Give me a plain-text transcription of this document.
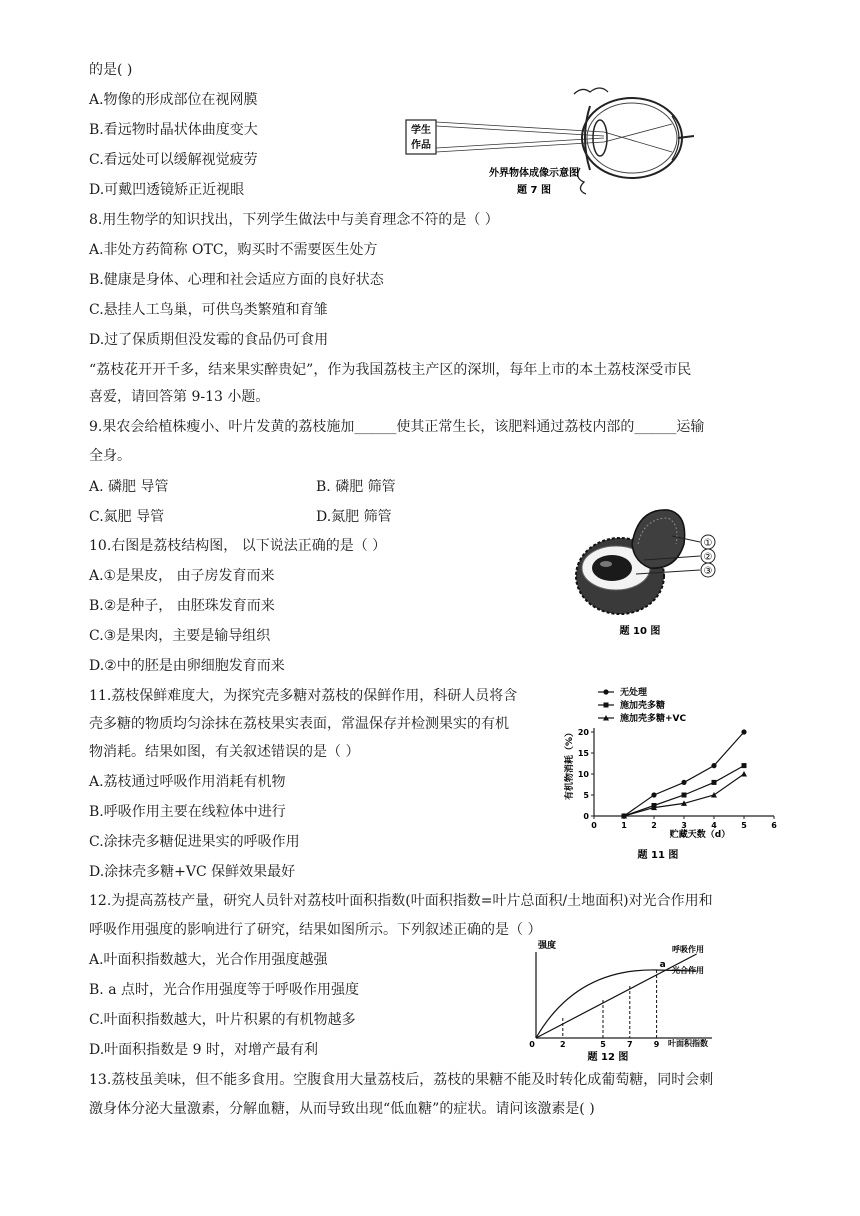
的是( )
A.物像的形成部位在视网膜
B.看远物时晶状体曲度变大
C.看远处可以缓解视觉疲劳
D.可戴凹透镜矫正近视眼
8.用生物学的知识找出，下列学生做法中与美育理念不符的是（ ）
A.非处方药简称 OTC，购买时不需要医生处方
B.健康是身体、心理和社会适应方面的良好状态
C.悬挂人工鸟巢，可供鸟类繁殖和育雏
D.过了保质期但没发霉的食品仍可食用
“荔枝花开开千多，结来果实醉贵妃”，作为我国荔枝主产区的深圳，每年上市的本土荔枝深受市民
喜爱，请回答第 9-13 小题。
9.果农会给植株瘦小、叶片发黄的荔枝施加______使其正常生长，该肥料通过荔枝内部的______运输
全身。
A. 磷肥 导管	B. 磷肥 筛管
C.氮肥 导管	D.氮肥 筛管
10.右图是荔枝结构图， 以下说法正确的是（ ）
A.①是果皮， 由子房发育而来
B.②是种子， 由胚珠发育而来
C.③是果肉，主要是输导组织
D.②中的胚是由卵细胞发育而来
11.荔枝保鲜难度大，为探究壳多糖对荔枝的保鲜作用，科研人员将含
壳多糖的物质均匀涂抹在荔枝果实表面，常温保存并检测果实的有机
物消耗。结果如图，有关叙述错误的是（ ）
A.荔枝通过呼吸作用消耗有机物
B.呼吸作用主要在线粒体中进行
C.涂抹壳多糖促进果实的呼吸作用
D.涂抹壳多糖+VC 保鲜效果最好
12.为提高荔枝产量，研究人员针对荔枝叶面积指数(叶面积指数=叶片总面积/土地面积)对光合作用和
呼吸作用强度的影响进行了研究，结果如图所示。下列叙述正确的是（ ）
A.叶面积指数越大，光合作用强度越强
B. a 点时，光合作用强度等于呼吸作用强度
C.叶面积指数越大，叶片积累的有机物越多
D.叶面积指数是 9 时，对增产最有利
13.荔枝虽美味，但不能多食用。空腹食用大量荔枝后，荔枝的果糖不能及时转化成葡萄糖，同时会刺
激身体分泌大量激素，分解血糖，从而导致出现“低血糖”的症状。请问该激素是( )
学生
作品
外界物体成像示意图
题 7 图
①
②
③
题 10 图
有机物消耗（%）
贮藏天数（d）
题 11 图
0	1	2	3	4	5	6
0
5
10
15
20
无处理
施加壳多糖
施加壳多糖+VC
强度
叶面积指数
题 12 图
0	2	5	7	9
a
呼吸作用
光合作用
